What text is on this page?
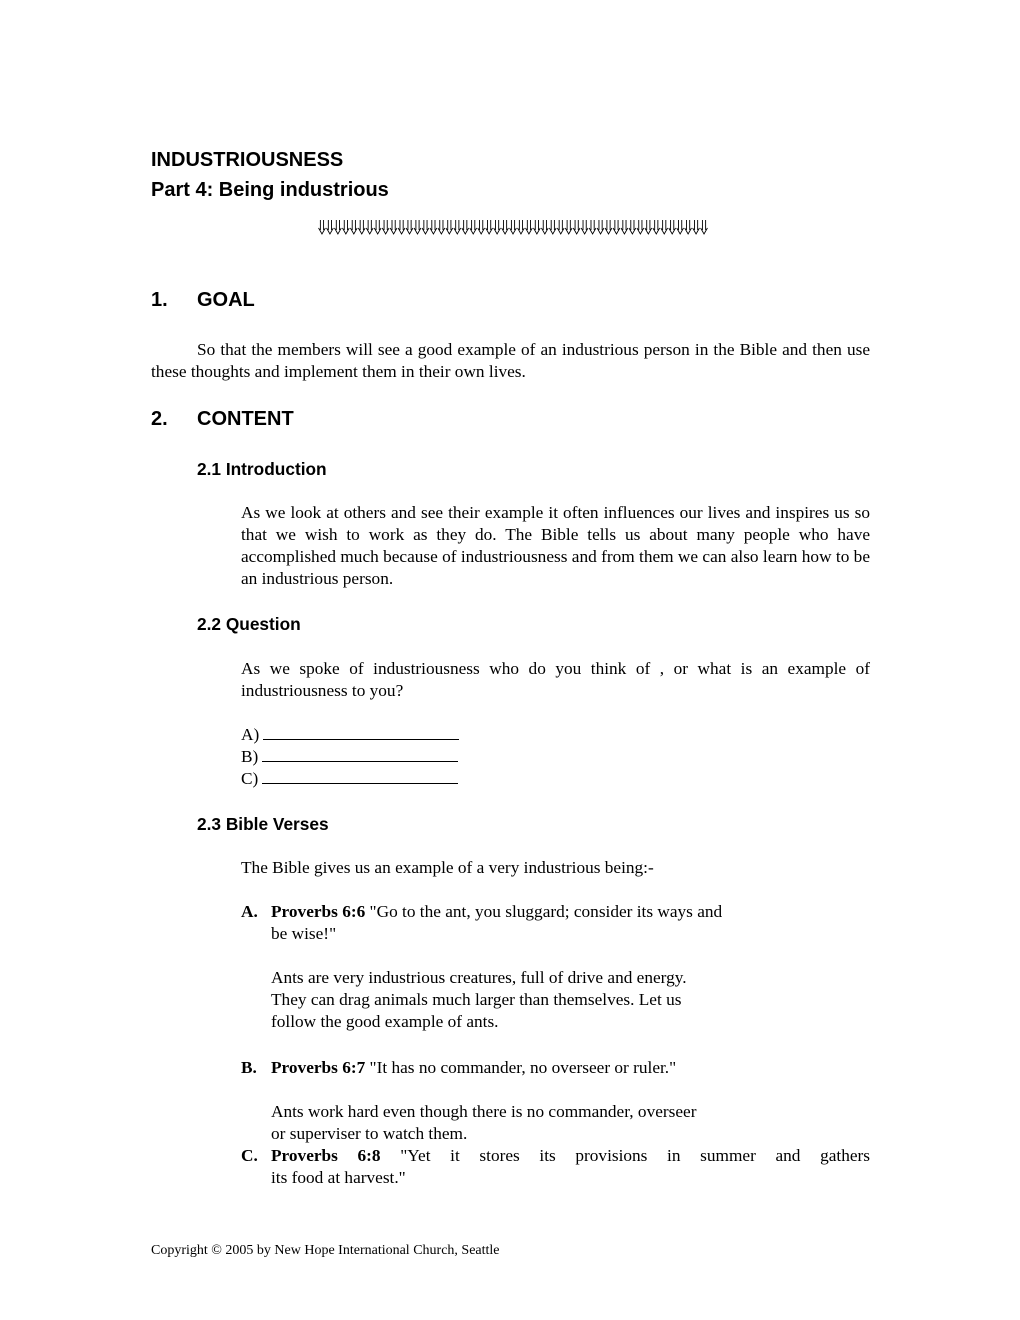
INDUSTRIOUSNESS
Part 4: Being industrious
1. GOAL
So that the members will see a good example of an industrious person in the Bible and then use these thoughts and implement them in their own lives.
2. CONTENT
2.1 Introduction
As we look at others and see their example it often influences our lives and inspires us so that we wish to work as they do. The Bible tells us about many people who have accomplished much because of industriousness and from them we can also learn how to be an industrious person.
2.2 Question
As we spoke of industriousness who do you think of , or what is an example of industriousness to you?
A)
B)
C)
2.3 Bible Verses
The Bible gives us an example of a very industrious being:-
A. Proverbs 6:6 "Go to the ant, you sluggard; consider its ways and
be wise!"
Ants are very industrious creatures, full of drive and energy.
They can drag animals much larger than themselves. Let us
follow the good example of ants.
B. Proverbs 6:7 "It has no commander, no overseer or ruler."
Ants work hard even though there is no commander, overseer
or superviser to watch them.
C. Proverbs 6:8 "Yet it stores its provisions in summer and gathers
its food at harvest."
Copyright © 2005 by New Hope International Church, Seattle
